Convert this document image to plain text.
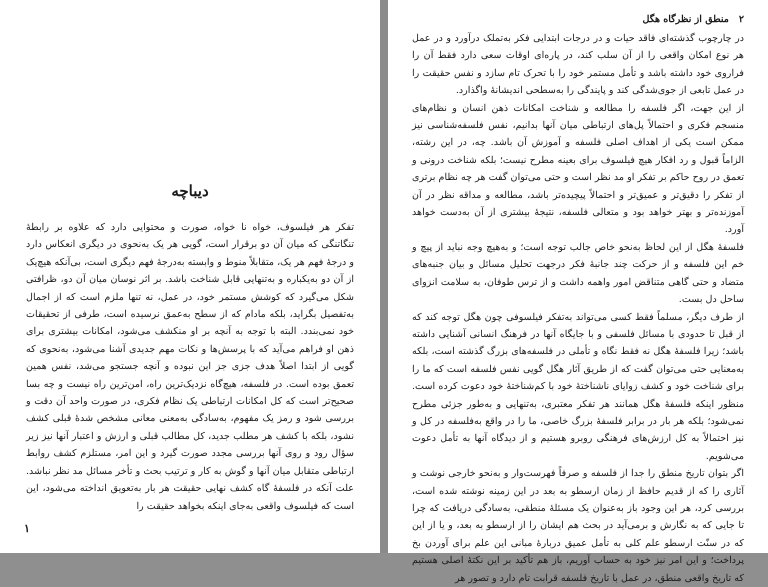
دیباچه

تفکر هر فیلسوف، خواه نا خواه، صورت و محتوایی دارد که علاوه بر رابطهٔ تنگاتنگی که میان آن دو برقرار است، گویی هر یک به‌نحوی در دیگری انعکاس دارد و درجهٔ فهم هر یک، متقابلاً منوط و وابسته به‌درجهٔ فهم دیگری است، بی‌آنکه هیچ‌یک از آن دو به‌یکباره و به‌تنهایی قابل شناخت باشد. بر اثر نوسان میان آن دو، ظرافتی شکل می‌گیرد که کوشش مستمر خود، در عمل، نه تنها ملزم است که از اجمال به‌تفصیل بگراید، بلکه مادام که از سطح به‌عمق نرسیده است، طرفی از تحقیقات خود نمی‌بندد. البته با توجه به آنچه بر او منکشف می‌شود، امکانات بیشتری برای ذهن او فراهم می‌آید که با پرسش‌ها و نکات مهم جدیدی آشنا می‌شود، به‌نحوی که گویی از ابتدا اصلاً هدف جزی جز این نبوده و آنچه جستجو می‌شد، نفس همین تعمق بوده است. در فلسفه، هیچ‌گاه نزدیک‌ترین راه، امن‌ترین راه نیست و چه بسا صحیح‌تر است که کل امکانات ارتباطی یک نظام فکری، در صورت واحد آن دقت و بررسی شود و رمز یک مفهوم، به‌سادگی به‌معنی معانی مشخص شدهٔ قبلی کشف نشود، بلکه با کشف هر مطلب جدید، کل مطالب قبلی و ارزش و اعتبار آنها نیز زیر سؤال رود و روی آنها بررسی مجدد صورت گیرد و این امر، مستلزم کشف روابط ارتباطی متقابل میان آنها و گوش به کار و ترتیب بحث و تأخر مسائل مد نظر نباشد. علت آنکه در فلسفهٔ گاه کشف نهایی حقیقت هر بار به‌تعویق انداخته می‌شود، این است که فیلسوف واقعی به‌جای اینکه بخواهد حقیقت را

۱
۲
منطق از نظرگاه هگل

در چارچوب گذشته‌ای فاقد حیات و در درجات ابتدایی فکر به‌تملک درآورد و در عمل هر نوع امکان واقعی را از آن سلب کند، در پاره‌ای اوقات سعی دارد فقط آن را فراروی خود داشته باشد و تأمل مستمر خود را با تحرک تام سازد و نفس حقیقت را در عمل تابعی از جوی‌شدگی کند و پایندگی را به‌سطحی اندیشانهٔ واگذارد.

از این جهت، اگر فلسفه را مطالعه و شناخت امکانات ذهن انسان و نظام‌های منسجم فکری و احتمالاً پل‌های ارتباطی میان آنها بدانیم، نفس فلسفه‌شناسی نیز ممکن است یکی از اهداف اصلی فلسفه و آموزش آن باشد. چه، در این رشته، الزاماً قبول و رد افکار هیچ فیلسوف برای بعینه مطرح نیست؛ بلکه شناخت درونی و تعمق در روح حاکم بر تفکر او مد نظر است و حتی می‌توان گفت هر چه نظام برتری از تفکر را دقیق‌تر و عمیق‌تر و احتمالاً پیچیده‌تر باشد، مطالعه و مداقه نظر در آن آموزنده‌تر و بهتر خواهد بود و متعالی فلسفه، نتیجهٔ بیشتری از آن به‌دست خواهد آورد.

فلسفهٔ هگل از این لحاظ به‌نحو خاص جالب توجه است؛ و به‌هیچ وجه نباید از پیچ و خم این فلسفه و از حرکت چند جانبهٔ فکر درجهت تحلیل مسائل و بیان جنبه‌های متضاد و حتی گاهی متناقض امور واهمه داشت و از ترس طوفان، به سلامت انزوای ساحل دل بست.

از طرف دیگر، مسلماً فقط کسی می‌تواند به‌تفکر فیلسوفی چون هگل توجه کند که از قبل تا حدودی با مسائل فلسفی و با جایگاه آنها در فرهنگ انسانی آشنایی داشته باشد؛ زیرا فلسفهٔ هگل نه فقط نگاه و تأملی در فلسفه‌های بزرگ گذشته است، بلکه به‌معنایی حتی می‌توان گفت که از طریق آثار هگل گویی نفس فلسفه است که ما را برای شناخت خود و کشف زوایای ناشناختهٔ خود با کم‌شناختهٔ خود دعوت کرده است. منظور اینکه فلسفهٔ هگل همانند هر تفکر معتبری، به‌تنهایی و به‌طور جزئی مطرح نمی‌شود؛ بلکه هر بار در برابر فلسفهٔ بزرگ خاصی، ما را در واقع به‌فلسفه در کل و نیز احتمالاً به کل ارزش‌های فرهنگی روبرو هستیم و از دیدگاه آنها به تأمل دعوت می‌شویم.

اگر بتوان تاریخ منطق را جدا از فلسفه و صرفاً فهرست‌وار و به‌نحو خارجی نوشت و آثاری را که از قدیم حافظ از زمان ارسطو به بعد در این زمینه نوشته شده است، بررسی کرد، هر این وجود باز به‌عنوان یک مسئلهٔ منطقی، به‌سادگی دریافت که چرا تا جایی که به نگارش و برمی‌آید در بحث هم ایشان را از ارسطو به بعد، و یا از این که در سنّت ارسطو علم کلی به تأمل عمیق دربارهٔ مبانی این علم برای آوردن بخ پرداخت؛ و این امر نیز خود به‌ حساب آوریم، باز هم تأکید بر این نکتهٔ اصلی هستیم که تاریخ واقعی منطق، در عمل با تاریخ فلسفه قرابت تام دارد و تصور هر
